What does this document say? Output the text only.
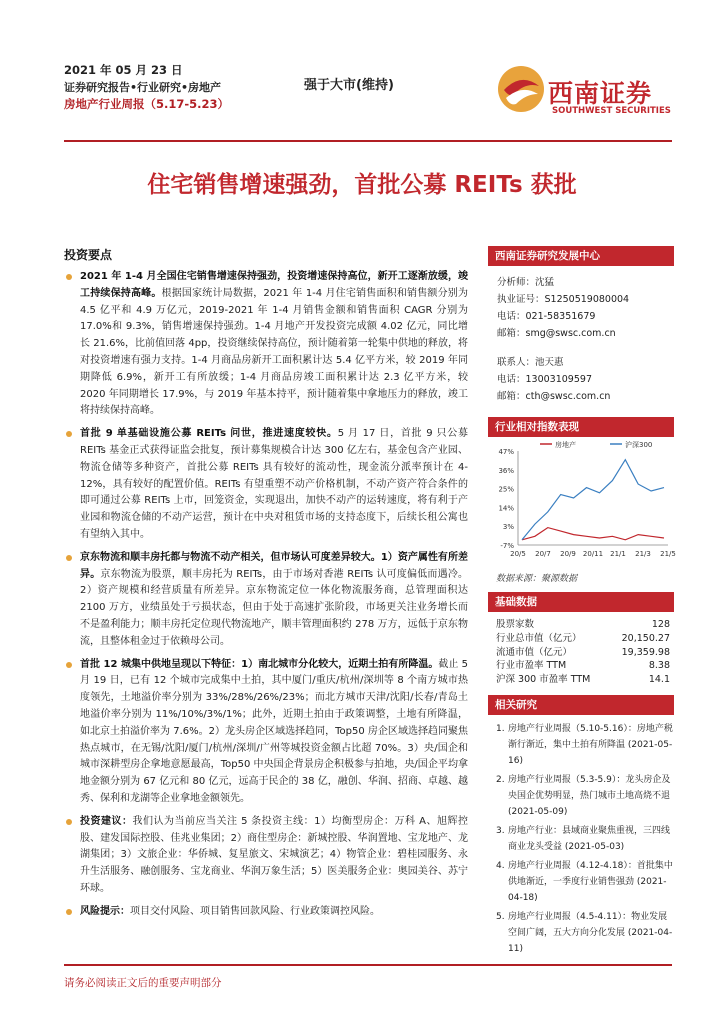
2021 年 05 月 23 日
证券研究报告•行业研究•房地产
房地产行业周报（5.17-5.23）
强于大市(维持)	西南证券
SOUTHWEST SECURITIES
住宅销售增速强劲，首批公募 REITs 获批
投资要点
2021 年 1-4 月全国住宅销售增速保持强劲，投资增速保持高位，新开工逐渐放缓，竣工持续保持高峰。根据国家统计局数据，2021 年 1-4 月住宅销售面积和销售额分别为 4.5 亿平和 4.9 万亿元，2019-2021 年 1-4 月销售金额和销售面积 CAGR 分别为 17.0%和 9.3%，销售增速保持强劲。1-4 月地产开发投资完成额 4.02 亿元，同比增长 21.6%，比前值回落 4pp，投资继续保持高位，预计随着第一轮集中供地的释放，将对投资增速有强力支持。1-4 月商品房新开工面积累计达 5.4 亿平方米，较 2019 年同期降低 6.9%，新开工有所放缓；1-4 月商品房竣工面积累计达 2.3 亿平方米，较 2020 年同期增长 17.9%，与 2019 年基本持平，预计随着集中拿地压力的释放，竣工将持续保持高峰。
首批 9 单基础设施公募 REITs 问世，推进速度较快。5 月 17 日，首批 9 只公募 REITs 基金正式获得证监会批复，预计募集规模合计达 300 亿左右，基金包含产业园、物流仓储等多种资产，首批公募 REITs 具有较好的流动性，现金流分派率预计在 4-12%，具有较好的配置价值。REITs 有望重塑不动产价格机制，不动产资产符合条件的即可通过公募 REITs 上市，回笼资金，实现退出，加快不动产的运转速度，将有利于产业园和物流仓储的不动产运营，预计在中央对租赁市场的支持态度下，后续长租公寓也有望纳入其中。
京东物流和顺丰房托都与物流不动产相关，但市场认可度差异较大。1）资产属性有所差异。京东物流为股票，顺丰房托为 REITs，由于市场对香港 REITs 认可度偏低而遇冷。2）资产规模和经营质量有所差异。京东物流定位一体化物流服务商，总管理面积达 2100 万方，业绩虽处于亏损状态，但由于处于高速扩张阶段，市场更关注业务增长而不是盈利能力；顺丰房托定位现代物流地产，顺丰管理面积约 278 万方，远低于京东物流，且整体租金过于依赖母公司。
首批 12 城集中供地呈现以下特征：1）南北城市分化较大，近期土拍有所降温。截止 5 月 19 日，已有 12 个城市完成集中土拍，其中厦门/重庆/杭州/深圳等 8 个南方城市热度领先，土地溢价率分别为 33%/28%/26%/23%；而北方城市天津/沈阳/长春/青岛土地溢价率分别为 11%/10%/3%/1%；此外，近期土拍由于政策调整，土地有所降温，如北京土拍溢价率为 7.6%。2）龙头房企区域选择趋同，Top50 房企区域选择趋同聚焦热点城市，在无锡/沈阳/厦门/杭州/深圳/广州等城投资金额占比超 70%。3）央/国企和城市深耕型房企拿地意愿最高，Top50 中央国企背景房企积极参与拍地，央/国企平均拿地金额分别为 67 亿元和 80 亿元，远高于民企的 38 亿，融创、华润、招商、卓越、越秀、保利和龙湖等企业拿地金额领先。
投资建议：我们认为当前应当关注 5 条投资主线：1）均衡型房企：万科 A、旭辉控股、建发国际控股、佳兆业集团；2）商住型房企：新城控股、华润置地、宝龙地产、龙湖集团；3）文旅企业：华侨城、复星旅文、宋城演艺；4）物管企业：碧桂园服务、永升生活服务、融创服务、宝龙商业、华润万象生活；5）医美服务企业：奥园美谷、苏宁环球。
风险提示：项目交付风险、项目销售回款风险、行业政策调控风险。
西南证券研究发展中心
分析师：沈猛
执业证号：S1250519080004
电话：021-58351679
邮箱：smg@swsc.com.cn
联系人：池天惠
电话：13003109597
邮箱：cth@swsc.com.cn
行业相对指数表现
47%
36%
25%
14%
3%
-7%
20/5 20/7 20/9 20/11 21/1 21/3 21/5
房地产	沪深300
数据来源：聚源数据
基础数据
股票家数	128
行业总市值（亿元）	20,150.27
流通市值（亿元）	19,359.98
行业市盈率 TTM	8.38
沪深 300 市盈率 TTM	14.1
相关研究
1. 房地产行业周报（5.10-5.16）：房地产税渐行渐近，集中土拍有所降温 (2021-05-16)
2. 房地产行业周报（5.3-5.9）：龙头房企及央国企优势明显，热门城市土地高烧不退 (2021-05-09)
3. 房地产行业：县域商业聚焦重视，三四线商业龙头受益 (2021-05-03)
4. 房地产行业周报（4.12-4.18）：首批集中供地渐近，一季度行业销售强劲 (2021-04-18)
5. 房地产行业周报（4.5-4.11）：物业发展空间广阔，五大方向分化发展 (2021-04-11)
请务必阅读正文后的重要声明部分
